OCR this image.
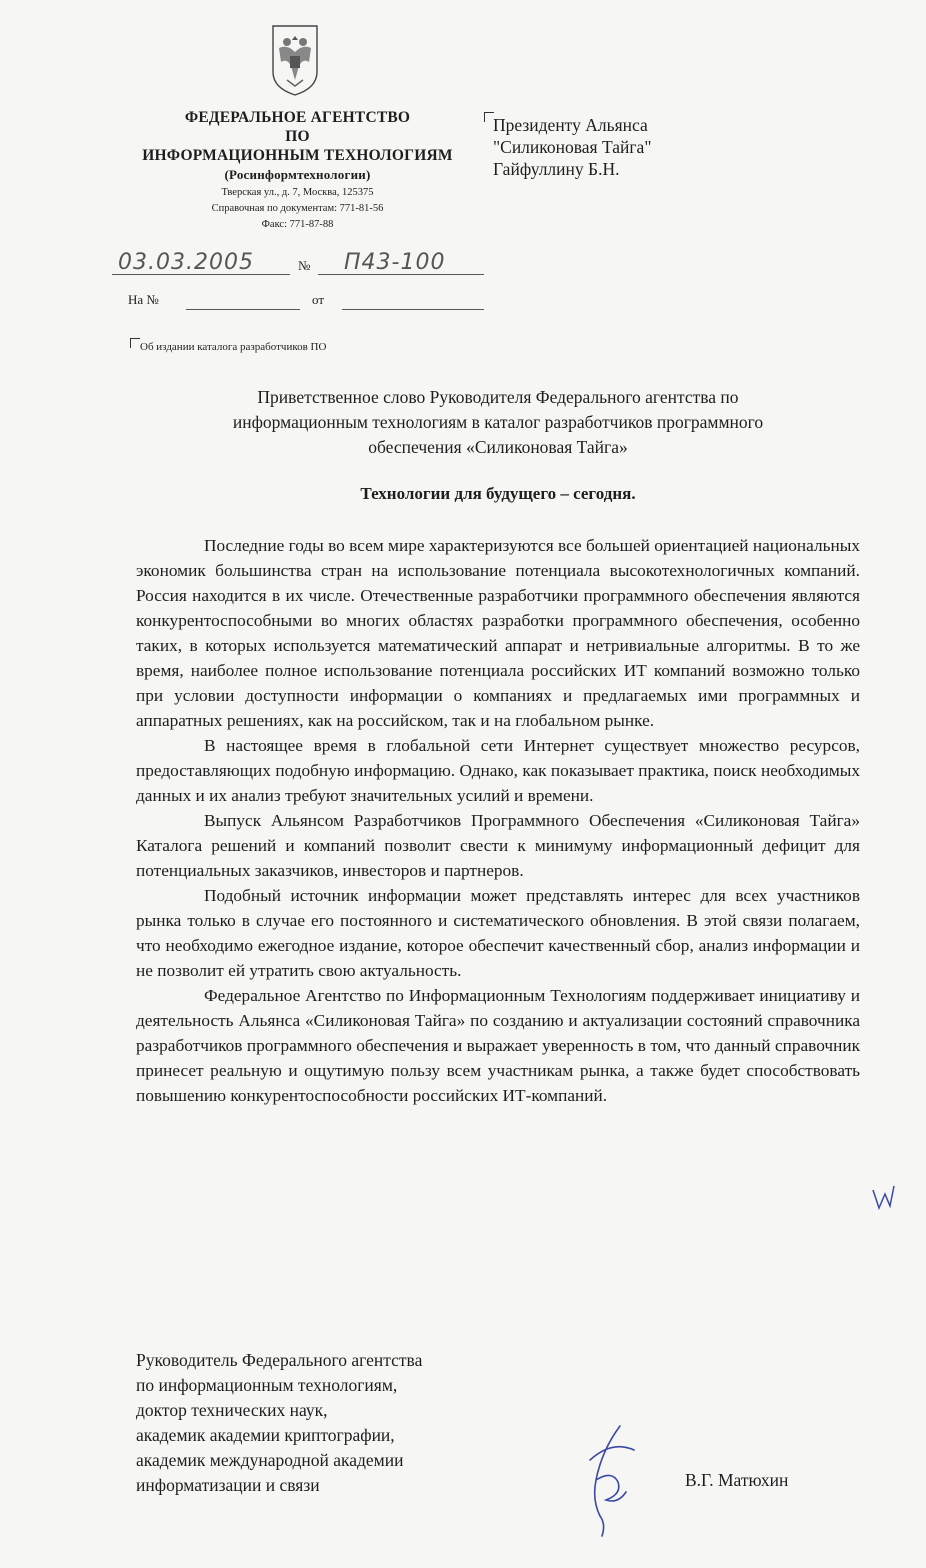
ФЕДЕРАЛЬНОЕ АГЕНТСТВО
ПО
ИНФОРМАЦИОННЫМ ТЕХНОЛОГИЯМ
(Росинформтехнологии)
Тверская ул., д. 7, Москва, 125375
Справочная по документам: 771-81-56
Факс: 771-87-88
Президенту Альянса
"Силиконовая Тайга"
Гайфуллину Б.Н.
03.03.2005	№ П43-100
На №	от
Об издании каталога разработчиков ПО
Приветственное слово Руководителя Федерального агентства по
информационным технологиям в каталог разработчиков программного
обеспечения «Силиконовая Тайга»
Технологии для будущего – сегодня.

Последние годы во всем мире характеризуются все большей ориентацией национальных экономик большинства стран на использование потенциала высокотехнологичных компаний. Россия находится в их числе. Отечественные разработчики программного обеспечения являются конкурентоспособными во многих областях разработки программного обеспечения, особенно таких, в которых используется математический аппарат и нетривиальные алгоритмы. В то же время, наиболее полное использование потенциала российских ИТ компаний возможно только при условии доступности информации о компаниях и предлагаемых ими программных и аппаратных решениях, как на российском, так и на глобальном рынке.

В настоящее время в глобальной сети Интернет существует множество ресурсов, предоставляющих подобную информацию. Однако, как показывает практика, поиск необходимых данных и их анализ требуют значительных усилий и времени.

Выпуск Альянсом Разработчиков Программного Обеспечения «Силиконовая Тайга» Каталога решений и компаний позволит свести к минимуму информационный дефицит для потенциальных заказчиков, инвесторов и партнеров.

Подобный источник информации может представлять интерес для всех участников рынка только в случае его постоянного и систематического обновления. В этой связи полагаем, что необходимо ежегодное издание, которое обеспечит качественный сбор, анализ информации и не позволит ей утратить свою актуальность.

Федеральное Агентство по Информационным Технологиям поддерживает инициативу и деятельность Альянса «Силиконовая Тайга» по созданию и актуализации состояний справочника разработчиков программного обеспечения и выражает уверенность в том, что данный справочник принесет реальную и ощутимую пользу всем участникам рынка, а также будет способствовать повышению конкурентоспособности российских ИТ-компаний.

Руководитель Федерального агентства
по информационным технологиям,
доктор технических наук,
академик академии криптографии,
академик международной академии
информатизации и связи	В.Г. Матюхин
